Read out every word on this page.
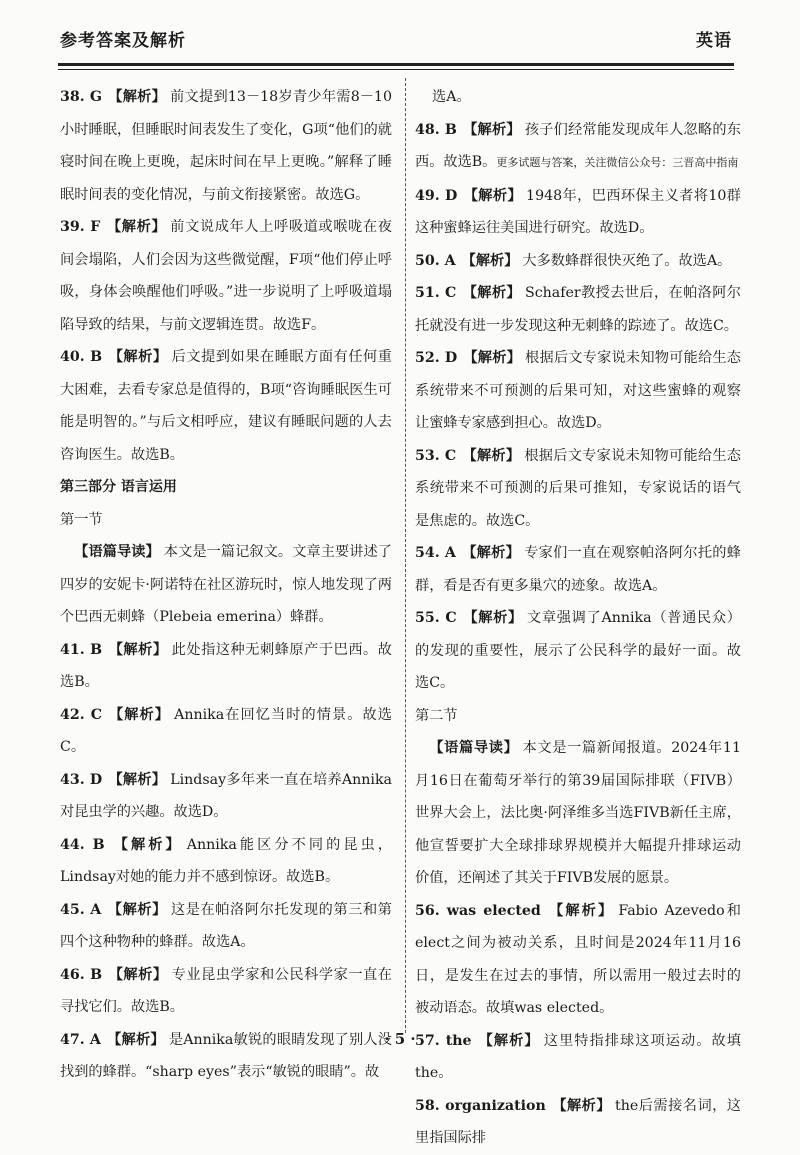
参考答案及解析	英语

38. G 【解析】 前文提到13－18岁青少年需8－10小时睡眠，但睡眠时间表发生了变化，G项“他们的就寝时间在晚上更晚，起床时间在早上更晚。”解释了睡眠时间表的变化情况，与前文衔接紧密。故选G。

39. F 【解析】 前文说成年人上呼吸道或喉咙在夜间会塌陷，人们会因为这些微觉醒，F项“他们停止呼吸，身体会唤醒他们呼吸。”进一步说明了上呼吸道塌陷导致的结果，与前文逻辑连贯。故选F。

40. B 【解析】 后文提到如果在睡眠方面有任何重大困难，去看专家总是值得的，B项“咨询睡眠医生可能是明智的。”与后文相呼应，建议有睡眠问题的人去咨询医生。故选B。

第三部分 语言运用

第一节

【语篇导读】 本文是一篇记叙文。文章主要讲述了四岁的安妮卡·阿诺特在社区游玩时，惊人地发现了两个巴西无刺蜂（Plebeia emerina）蜂群。

41. B 【解析】 此处指这种无刺蜂原产于巴西。故选B。

42. C 【解析】 Annika在回忆当时的情景。故选C。

43. D 【解析】 Lindsay多年来一直在培养Annika对昆虫学的兴趣。故选D。

44. B 【解析】 Annika能区分不同的昆虫，Lindsay对她的能力并不感到惊讶。故选B。

45. A 【解析】 这是在帕洛阿尔托发现的第三和第四个这种物种的蜂群。故选A。

46. B 【解析】 专业昆虫学家和公民科学家一直在寻找它们。故选B。

47. A 【解析】 是Annika敏锐的眼睛发现了别人没找到的蜂群。“sharp eyes”表示“敏锐的眼睛”。故

选A。

48. B 【解析】 孩子们经常能发现成年人忽略的东西。故选B。更多试题与答案，关注微信公众号：三晋高中指南

49. D 【解析】 1948年，巴西环保主义者将10群这种蜜蜂运往美国进行研究。故选D。

50. A 【解析】 大多数蜂群很快灭绝了。故选A。

51. C 【解析】 Schafer教授去世后，在帕洛阿尔托就没有进一步发现这种无刺蜂的踪迹了。故选C。

52. D 【解析】 根据后文专家说未知物可能给生态系统带来不可预测的后果可知，对这些蜜蜂的观察让蜜蜂专家感到担心。故选D。

53. C 【解析】 根据后文专家说未知物可能给生态系统带来不可预测的后果可推知，专家说话的语气是焦虑的。故选C。

54. A 【解析】 专家们一直在观察帕洛阿尔托的蜂群，看是否有更多巢穴的迹象。故选A。

55. C 【解析】 文章强调了Annika（普通民众）的发现的重要性，展示了公民科学的最好一面。故选C。

第二节

【语篇导读】 本文是一篇新闻报道。2024年11月16日在葡萄牙举行的第39届国际排联（FIVB）世界大会上，法比奥·阿泽维多当选FIVB新任主席，他宣誓要扩大全球排球界规模并大幅提升排球运动价值，还阐述了其关于FIVB发展的愿景。

56. was elected 【解析】 Fabio Azevedo和elect之间为被动关系，且时间是2024年11月16日，是发生在过去的事情，所以需用一般过去时的被动语态。故填was elected。

57. the 【解析】 这里特指排球这项运动。故填the。

58. organization 【解析】 the后需接名词，这里指国际排

· 5 ·
